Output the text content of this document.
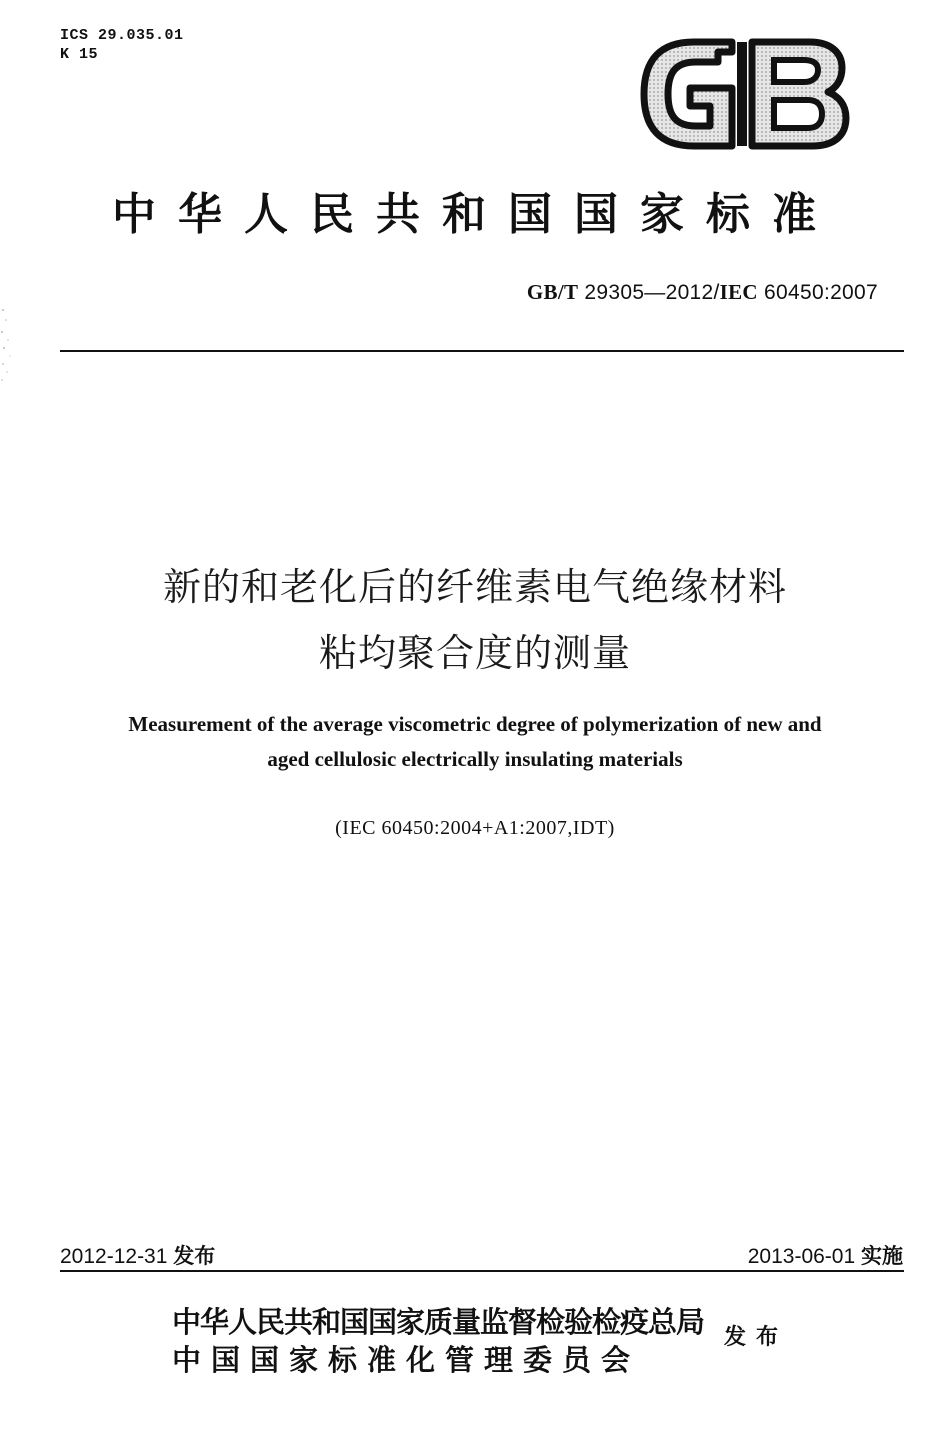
ICS 29.035.01
K 15
中华人民共和国国家标准
GB/T 29305—2012/IEC 60450:2007
新的和老化后的纤维素电气绝缘材料
粘均聚合度的测量
Measurement of the average viscometric degree of polymerization of new and
aged cellulosic electrically insulating materials
(IEC 60450:2004+A1:2007,IDT)
2012-12-31 发布	2013-06-01 实施
中华人民共和国国家质量监督检验检疫总局
中国国家标准化管理委员会
发布
